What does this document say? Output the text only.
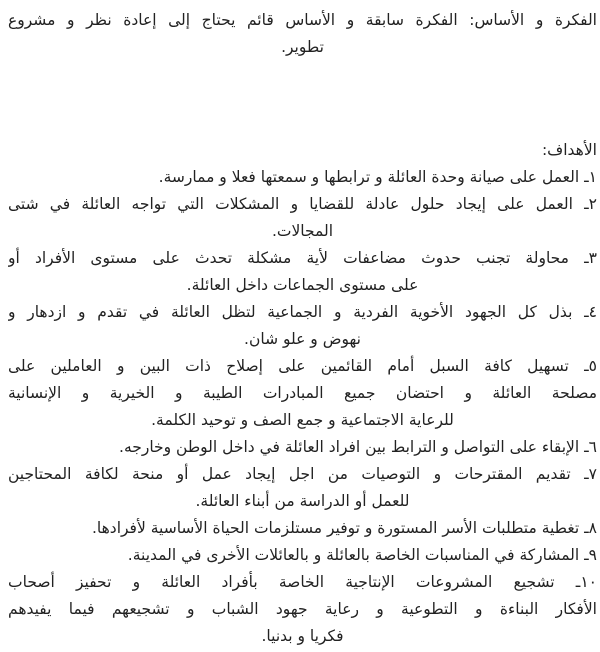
الفكرة و الأساس: الفكرة سابقة و الأساس قائم يحتاج إلى إعادة نظر و مشروع
تطوير.
الأهداف:
١ـ العمل على صيانة وحدة العائلة و ترابطها و سمعتها فعلا و ممارسة.
٢ـ العمل على إيجاد حلول عادلة للقضايا و المشكلات التي تواجه العائلة في شتى
المجالات.
٣ـ محاولة تجنب حدوث مضاعفات لأية مشكلة تحدث على مستوى الأفراد أو
على مستوى الجماعات داخل العائلة.
٤ـ بذل كل الجهود الأخوية الفردية و الجماعية لتظل العائلة في تقدم و ازدهار و
نهوض و علو شان.
٥ـ تسهيل كافة السبل أمام القائمين على إصلاح ذات البين و العاملين على
مصلحة العائلة و احتضان جميع المبادرات الطيبة و الخيرية و الإنسانية
للرعاية الاجتماعية و جمع الصف و توحيد الكلمة.
٦ـ الإبقاء على التواصل و الترابط بين افراد العائلة في داخل الوطن وخارجه.
٧ـ تقديم المقترحات و التوصيات من اجل إيجاد عمل أو منحة لكافة المحتاجين
للعمل أو الدراسة من أبناء العائلة.
٨ـ تغطية متطلبات الأسر المستورة و توفير مستلزمات الحياة الأساسية لأفرادها.
٩ـ المشاركة في المناسبات الخاصة بالعائلة و بالعائلات الأخرى في المدينة.
١٠ـ تشجيع المشروعات الإنتاجية الخاصة بأفراد العائلة و تحفيز أصحاب
الأفكار البناءة و التطوعية و رعاية جهود الشباب و تشجيعهم فيما يفيدهم
فكريا و بدنيا.
